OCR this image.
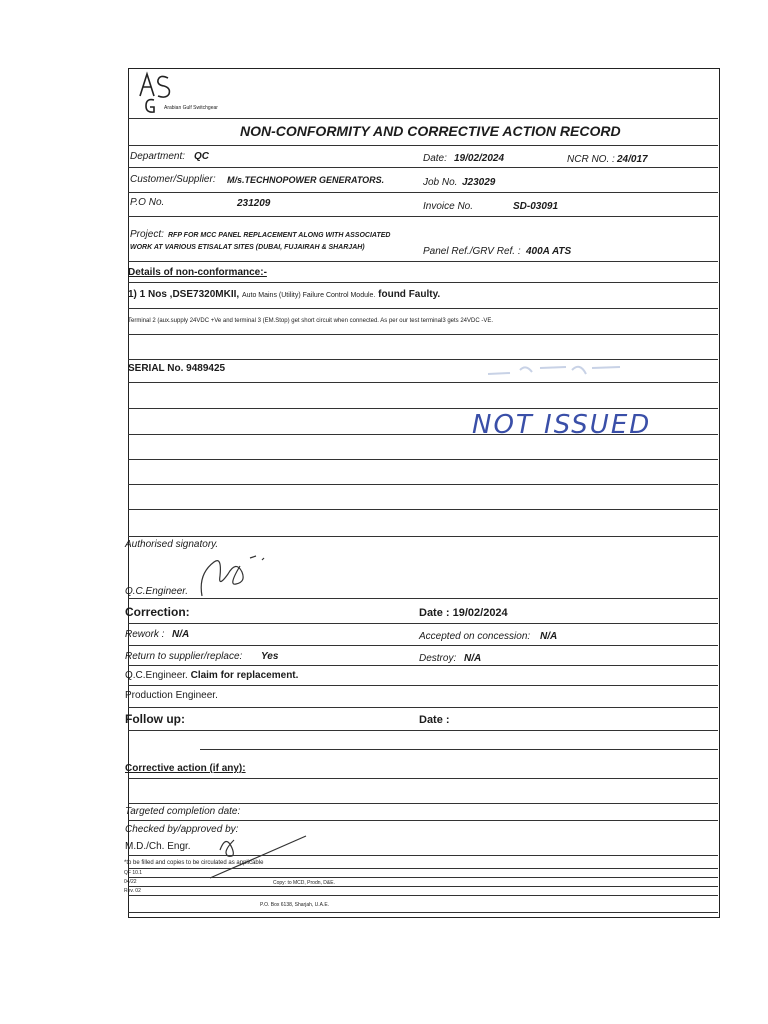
Arabian Gulf Switchgear
NON-CONFORMITY AND CORRECTIVE ACTION RECORD
Department: QC	Date: 19/02/2024	NCR NO. : 24/017
Customer/Supplier: M/s.TECHNOPOWER GENERATORS.	Job No. J23029
P.O No.	231209	Invoice No.	SD-03091
Project: RFP FOR MCC PANEL REPLACEMENT ALONG WITH ASSOCIATED
WORK AT VARIOUS ETISALAT SITES (DUBAI, FUJAIRAH & SHARJAH)	Panel Ref./GRV Ref. : 400A ATS
Details of non-conformance:-
1) 1 Nos ,DSE7320MKII, Auto Mains (Utility) Failure Control Module. found Faulty.
Terminal 2 (aux.supply 24VDC +Ve and terminal 3 (EM.Stop) get short circuit when connected. As per our test terminal3 gets 24VDC -VE.
SERIAL No. 9489425
NOT ISSUED
Authorised signatory.
Q.C.Engineer.
Correction:	Date : 19/02/2024
Rework : N/A	Accepted on concession: N/A
Return to supplier/replace: Yes	Destroy: N/A
Q.C.Engineer. Claim for replacement.
Production Engineer.
Follow up:	Date :
Corrective action (if any):
Targeted completion date:
Checked by/approved by:
M.D./Ch. Engr.
*to be filled and copies to be circulated as applicable
QF 10.1
04/22	Copy: to MCD, Prodn, D&E.
Rev. 02
P.O. Box 6138, Sharjah, U.A.E.
